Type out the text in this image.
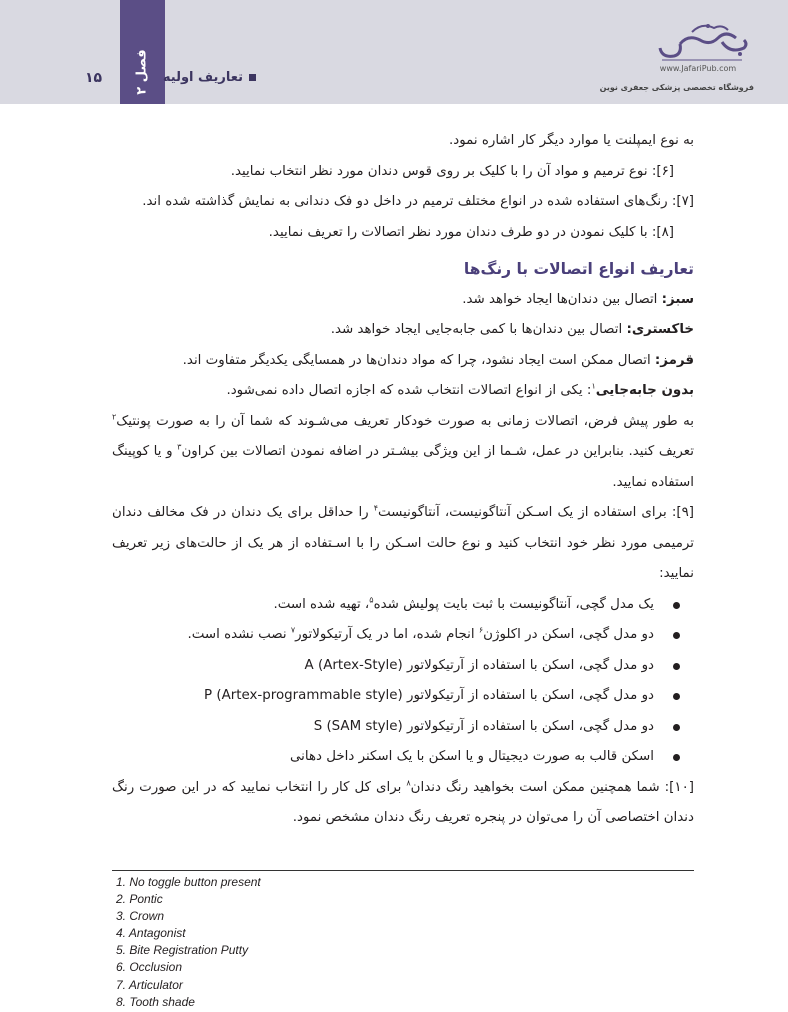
فصل ۲
۱۵	تعاریف اولیه
www.JafariPub.com
فروشگاه تخصصی پزشکی جعفری نوین

به نوع ایمپلنت یا موارد دیگر کار اشاره نمود.

[۶]: نوع ترمیم و مواد آن را با کلیک بر روی قوس دندان مورد نظر انتخاب نمایید.

[۷]: رنگ‌های استفاده شده در انواع مختلف ترمیم در داخل دو فک دندانی به نمایش گذاشته شده اند.

[۸]: با کلیک نمودن در دو طرف دندان مورد نظر اتصالات را تعریف نمایید.

تعاریف انواع اتصالات با رنگ‌ها

سبز: اتصال بین دندان‌ها ایجاد خواهد شد.

خاکستری: اتصال بین دندان‌ها با کمی جابه‌جایی ایجاد خواهد شد.

قرمز: اتصال ممکن است ایجاد نشود، چرا که مواد دندان‌ها در همسایگی یکدیگر متفاوت اند.

بدون جابه‌جایی$^۱$: یکی از انواع اتصالات انتخاب شده که اجازه اتصال داده نمی‌شود.

به طور پیش فرض، اتصالات زمانی به صورت خودکار تعریف می‌شـوند که شما آن را به صورت پونتیک$^۲$ تعریف کنید. بنابراین در عمل، شـما از این ویژگی بیشـتر در اضافه نمودن اتصالات بین کراون$^۳$ و یا کوپینگ استفاده نمایید.

[۹]: برای استفاده از یک اسـکن آنتاگونیست، آنتاگونیست$^۴$ را حداقل برای یک دندان در فک مخالف دندان ترمیمی مورد نظر خود انتخاب کنید و نوع حالت اسـکن را با اسـتفاده از هر یک از حالت‌های زیر تعریف نمایید:

یک مدل گچی، آنتاگونیست با ثبت بایت پولیش شده$^۵$، تهیه شده است.
دو مدل گچی، اسکن در اکلوژن$^۶$ انجام شده، اما در یک آرتیکولاتور$^۷$ نصب نشده است.
دو مدل گچی، اسکن با استفاده از آرتیکولاتور A (Artex-Style)
دو مدل گچی، اسکن با استفاده از آرتیکولاتور P (Artex-programmable style)
دو مدل گچی، اسکن با استفاده از آرتیکولاتور S (SAM style)
اسکن قالب به صورت دیجیتال و یا اسکن با یک اسکنر داخل دهانی

[۱۰]: شما همچنین ممکن است بخواهید رنگ دندان$^۸$ برای کل کار را انتخاب نمایید که در این صورت رنگ دندان اختصاصی آن را می‌توان در پنجره تعریف رنگ دندان مشخص نمود.

1. No toggle button present
2. Pontic
3. Crown
4. Antagonist
5. Bite Registration Putty
6. Occlusion
7. Articulator
8. Tooth shade
